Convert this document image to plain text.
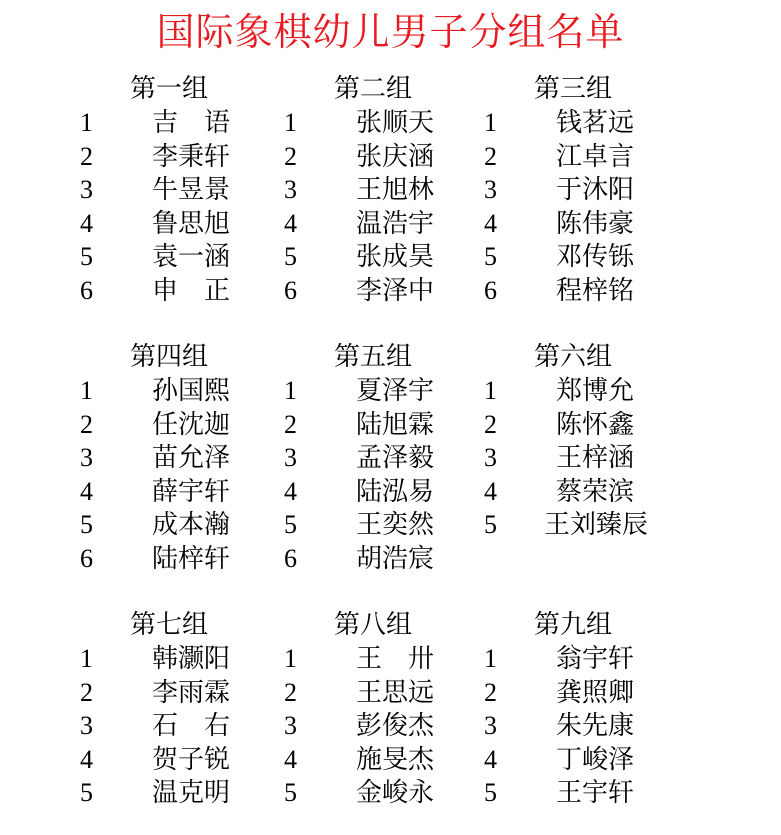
国际象棋幼儿男子分组名单
第一组
1 吉　语
2 李秉轩
3 牛昱景
4 鲁思旭
5 袁一涵
6 申　正
第二组
1 张顺天
2 张庆涵
3 王旭林
4 温浩宇
5 张成昊
6 李泽中
第三组
1 钱茗远
2 江卓言
3 于沐阳
4 陈伟豪
5 邓传铄
6 程梓铭
第四组
1 孙国熙
2 任沈迦
3 苗允泽
4 薛宇轩
5 成本瀚
6 陆梓轩
第五组
1 夏泽宇
2 陆旭霖
3 孟泽毅
4 陆泓易
5 王奕然
6 胡浩宸
第六组
1 郑博允
2 陈怀鑫
3 王梓涵
4 蔡荣滨
5 王刘臻辰
第七组
1 韩灏阳
2 李雨霖
3 石　右
4 贺子锐
5 温克明
第八组
1 王　卅
2 王思远
3 彭俊杰
4 施旻杰
5 金峻永
第九组
1 翁宇轩
2 龚照卿
3 朱先康
4 丁峻泽
5 王宇轩
